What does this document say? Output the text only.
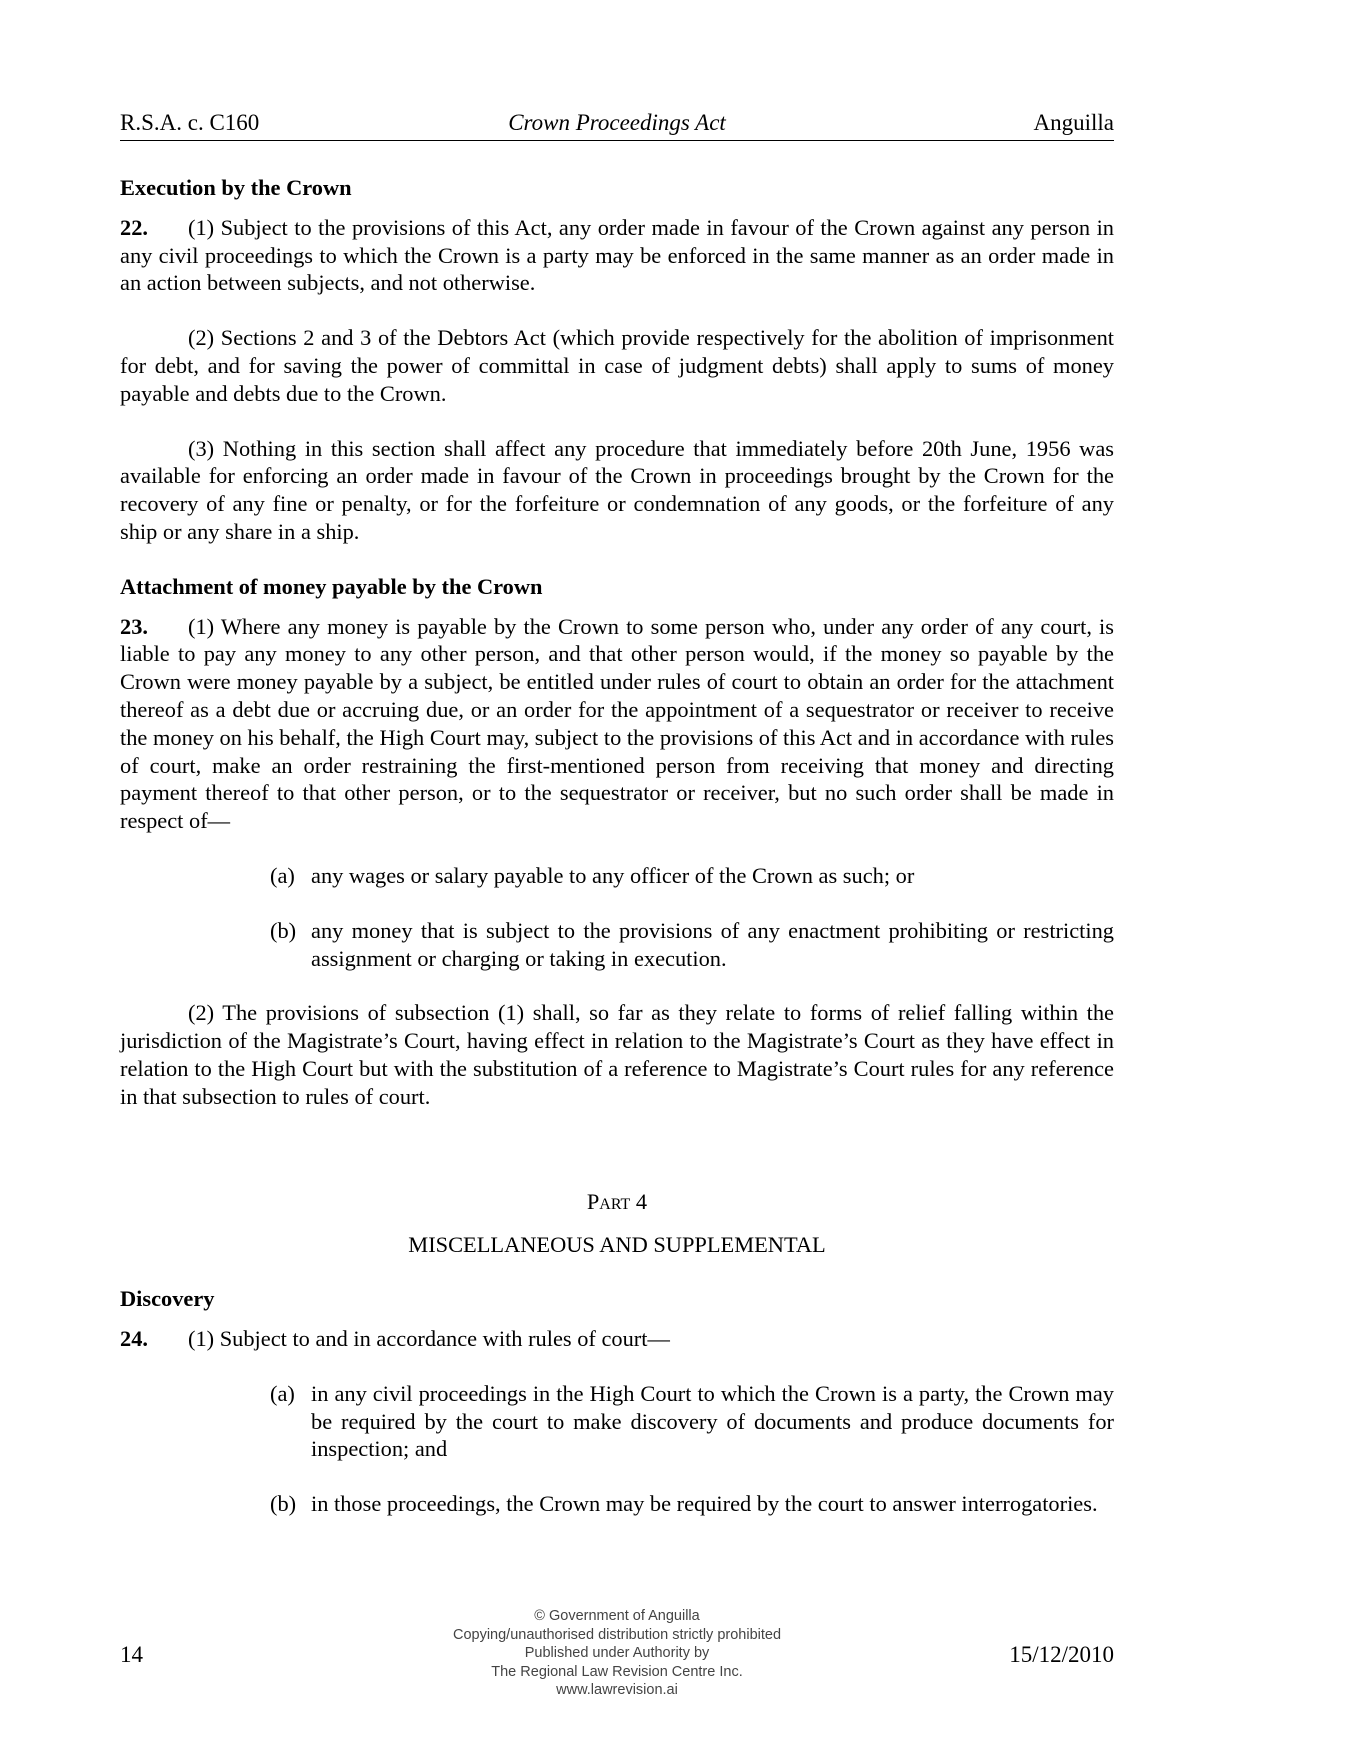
R.S.A. c. C160	Crown Proceedings Act	Anguilla
Execution by the Crown

22. (1) Subject to the provisions of this Act, any order made in favour of the Crown against any person in any civil proceedings to which the Crown is a party may be enforced in the same manner as an order made in an action between subjects, and not otherwise.

(2) Sections 2 and 3 of the Debtors Act (which provide respectively for the abolition of imprisonment for debt, and for saving the power of committal in case of judgment debts) shall apply to sums of money payable and debts due to the Crown.

(3) Nothing in this section shall affect any procedure that immediately before 20th June, 1956 was available for enforcing an order made in favour of the Crown in proceedings brought by the Crown for the recovery of any fine or penalty, or for the forfeiture or condemnation of any goods, or the forfeiture of any ship or any share in a ship.

Attachment of money payable by the Crown

23. (1) Where any money is payable by the Crown to some person who, under any order of any court, is liable to pay any money to any other person, and that other person would, if the money so payable by the Crown were money payable by a subject, be entitled under rules of court to obtain an order for the attachment thereof as a debt due or accruing due, or an order for the appointment of a sequestrator or receiver to receive the money on his behalf, the High Court may, subject to the provisions of this Act and in accordance with rules of court, make an order restraining the first-mentioned person from receiving that money and directing payment thereof to that other person, or to the sequestrator or receiver, but no such order shall be made in respect of—

(a) any wages or salary payable to any officer of the Crown as such; or

(b) any money that is subject to the provisions of any enactment prohibiting or restricting assignment or charging or taking in execution.

(2) The provisions of subsection (1) shall, so far as they relate to forms of relief falling within the jurisdiction of the Magistrate’s Court, having effect in relation to the Magistrate’s Court as they have effect in relation to the High Court but with the substitution of a reference to Magistrate’s Court rules for any reference in that subsection to rules of court.

Part 4
MISCELLANEOUS AND SUPPLEMENTAL
Discovery

24. (1) Subject to and in accordance with rules of court—

(a) in any civil proceedings in the High Court to which the Crown is a party, the Crown may be required by the court to make discovery of documents and produce documents for inspection; and

(b) in those proceedings, the Crown may be required by the court to answer interrogatories.

© Government of Anguilla
Copying/unauthorised distribution strictly prohibited
Published under Authority by
The Regional Law Revision Centre Inc.
www.lawrevision.ai
14	15/12/2010
